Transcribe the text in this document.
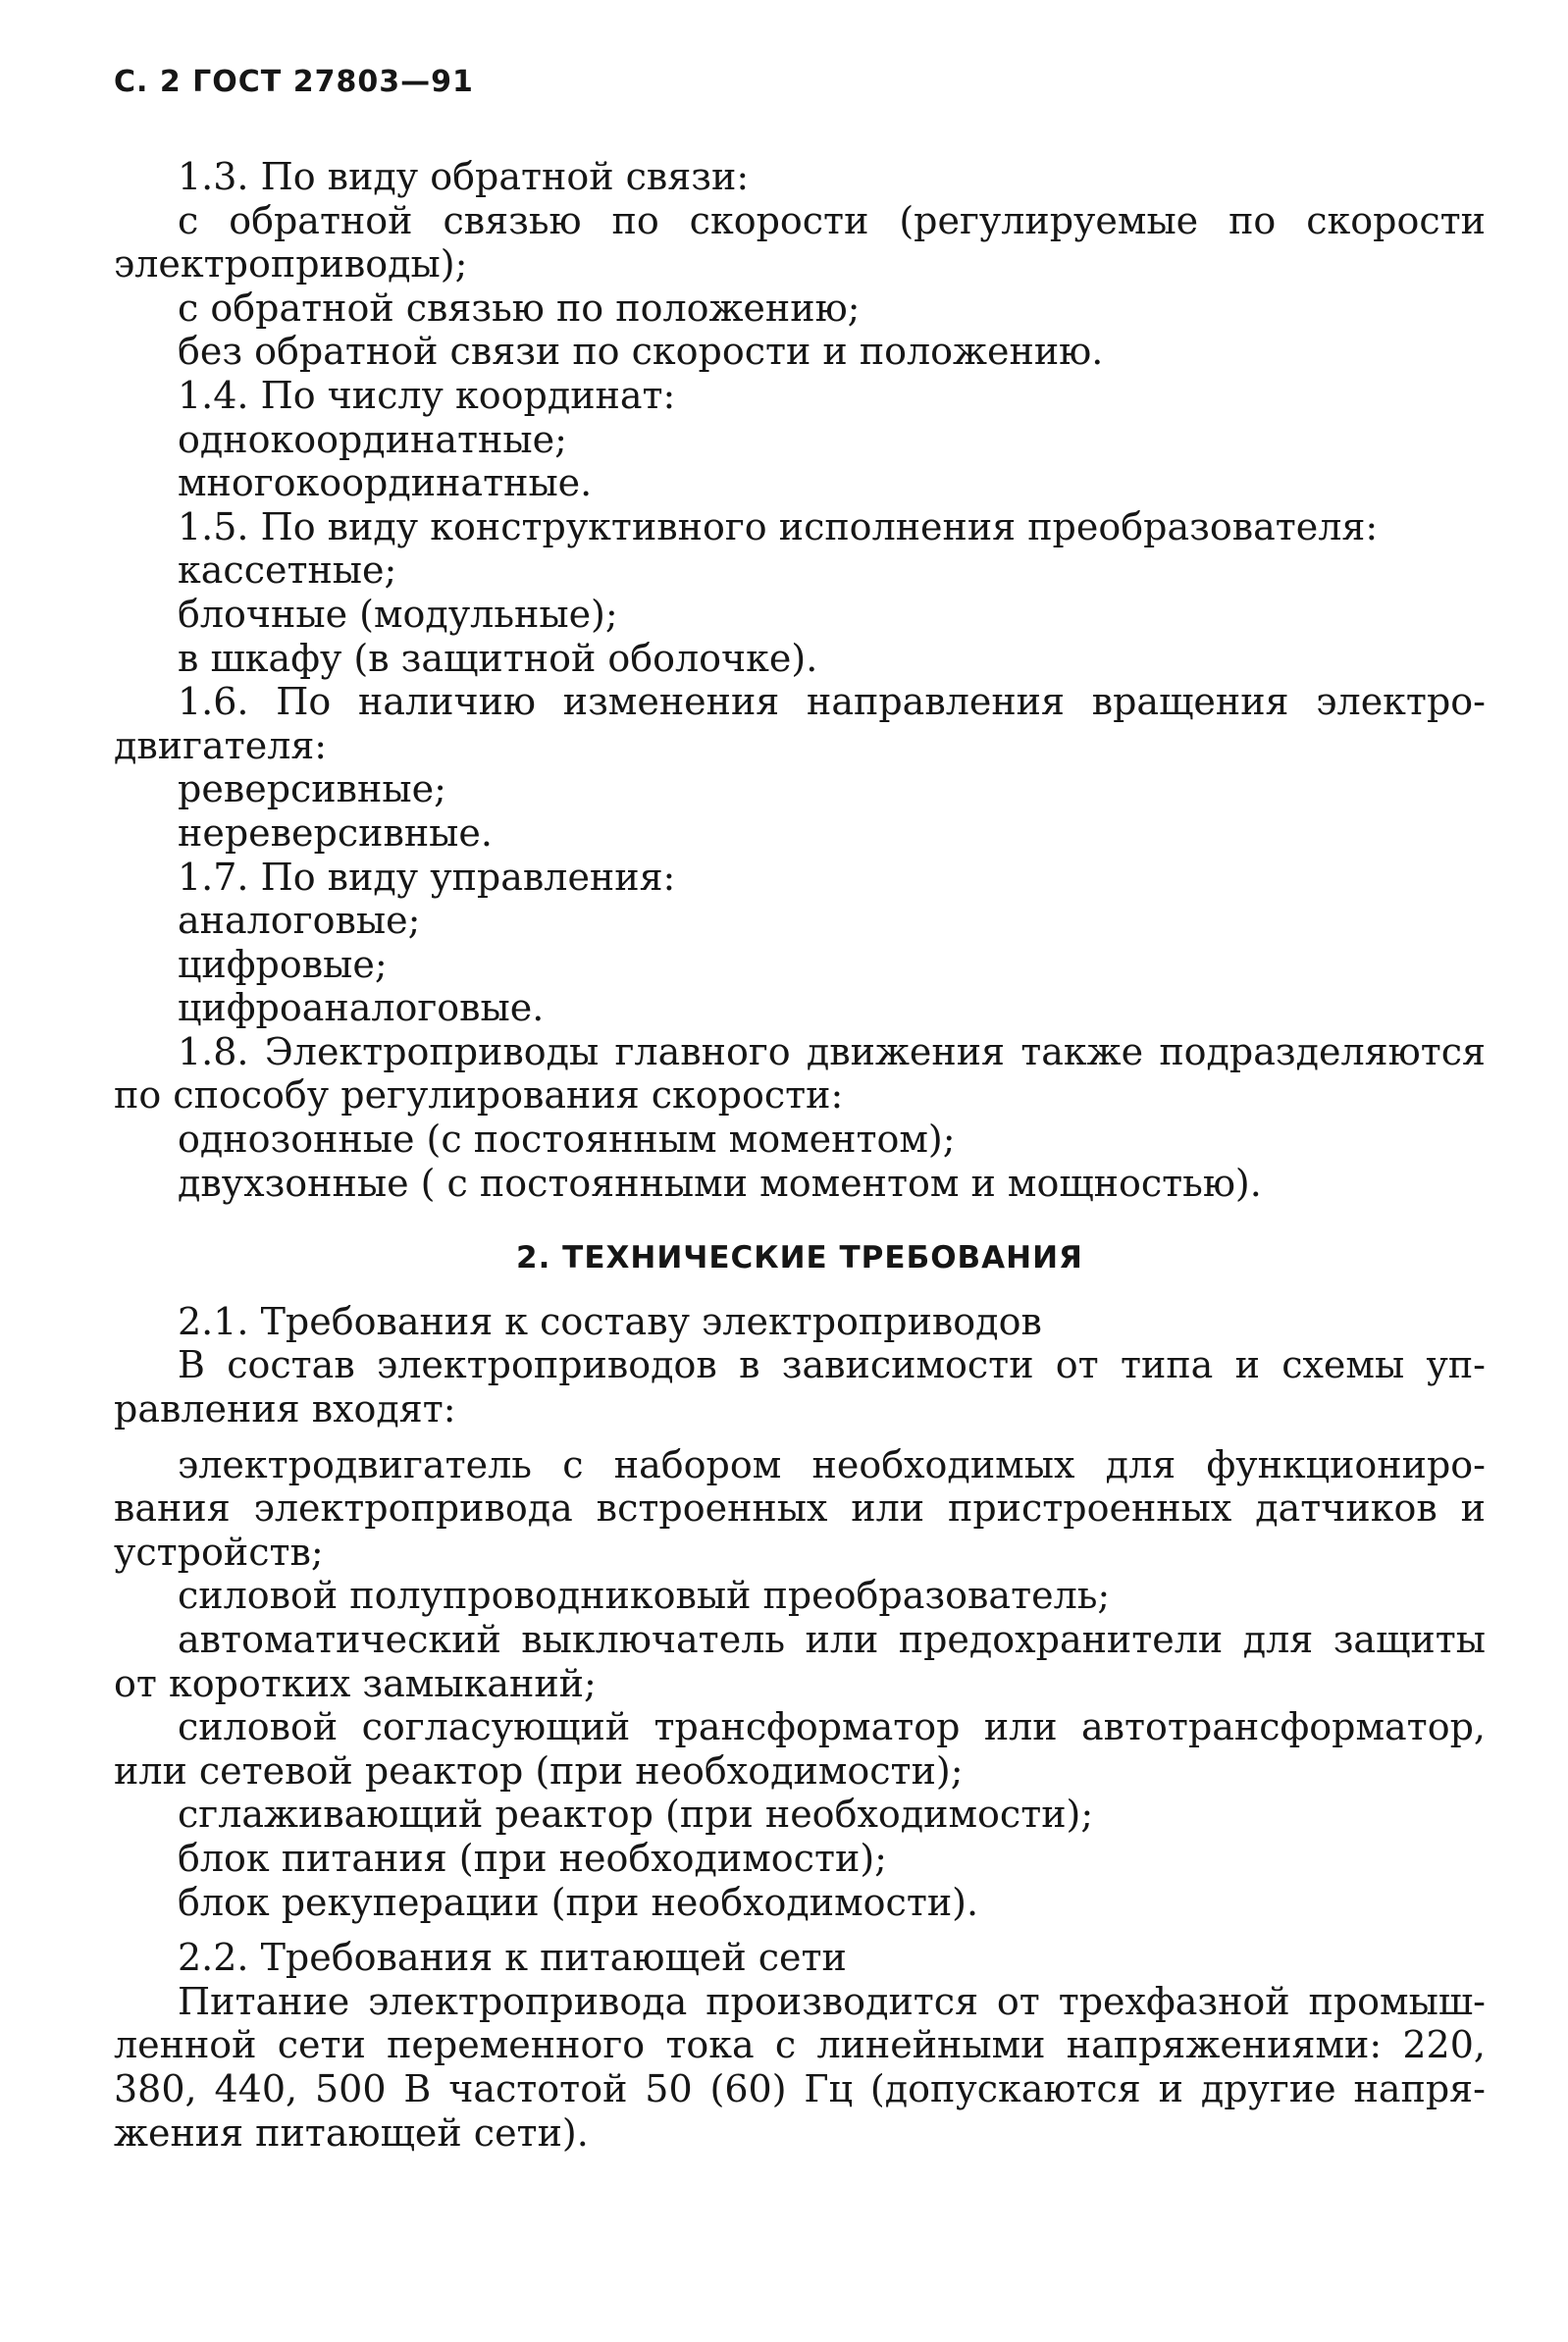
С. 2 ГОСТ 27803—91

1.3. По виду обратной связи:

с обратной связью по скорости (регулируемые по скорости

электроприводы);

с обратной связью по положению;

без обратной связи по скорости и положению.

1.4. По числу координат:

однокоординатные;

многокоординатные.

1.5. По виду конструктивного исполнения преобразователя:

кассетные;

блочные (модульные);

в шкафу (в защитной оболочке).

1.6. По наличию изменения направления вращения электро-

двигателя:

реверсивные;

нереверсивные.

1.7. По виду управления:

аналоговые;

цифровые;

цифроаналоговые.

1.8. Электроприводы главного движения также подразделяются

по способу регулирования скорости:

однозонные (с постоянным моментом);

двухзонные ( с постоянными моментом и мощностью).

2. ТЕХНИЧЕСКИЕ ТРЕБОВАНИЯ

2.1. Требования к составу электроприводов

В состав электроприводов в зависимости от типа и схемы уп-

равления входят:

электродвигатель с набором необходимых для функциониро-

вания электропривода встроенных или пристроенных датчиков и

устройств;

силовой полупроводниковый преобразователь;

автоматический выключатель или предохранители для защиты

от коротких замыканий;

силовой согласующий трансформатор или автотрансформатор,

или сетевой реактор (при необходимости);

сглаживающий реактор (при необходимости);

блок питания (при необходимости);

блок рекуперации (при необходимости).

2.2. Требования к питающей сети

Питание электропривода производится от трехфазной промыш-

ленной сети переменного тока с линейными напряжениями: 220,

380, 440, 500 В частотой 50 (60) Гц (допускаются и другие напря-

жения питающей сети).
